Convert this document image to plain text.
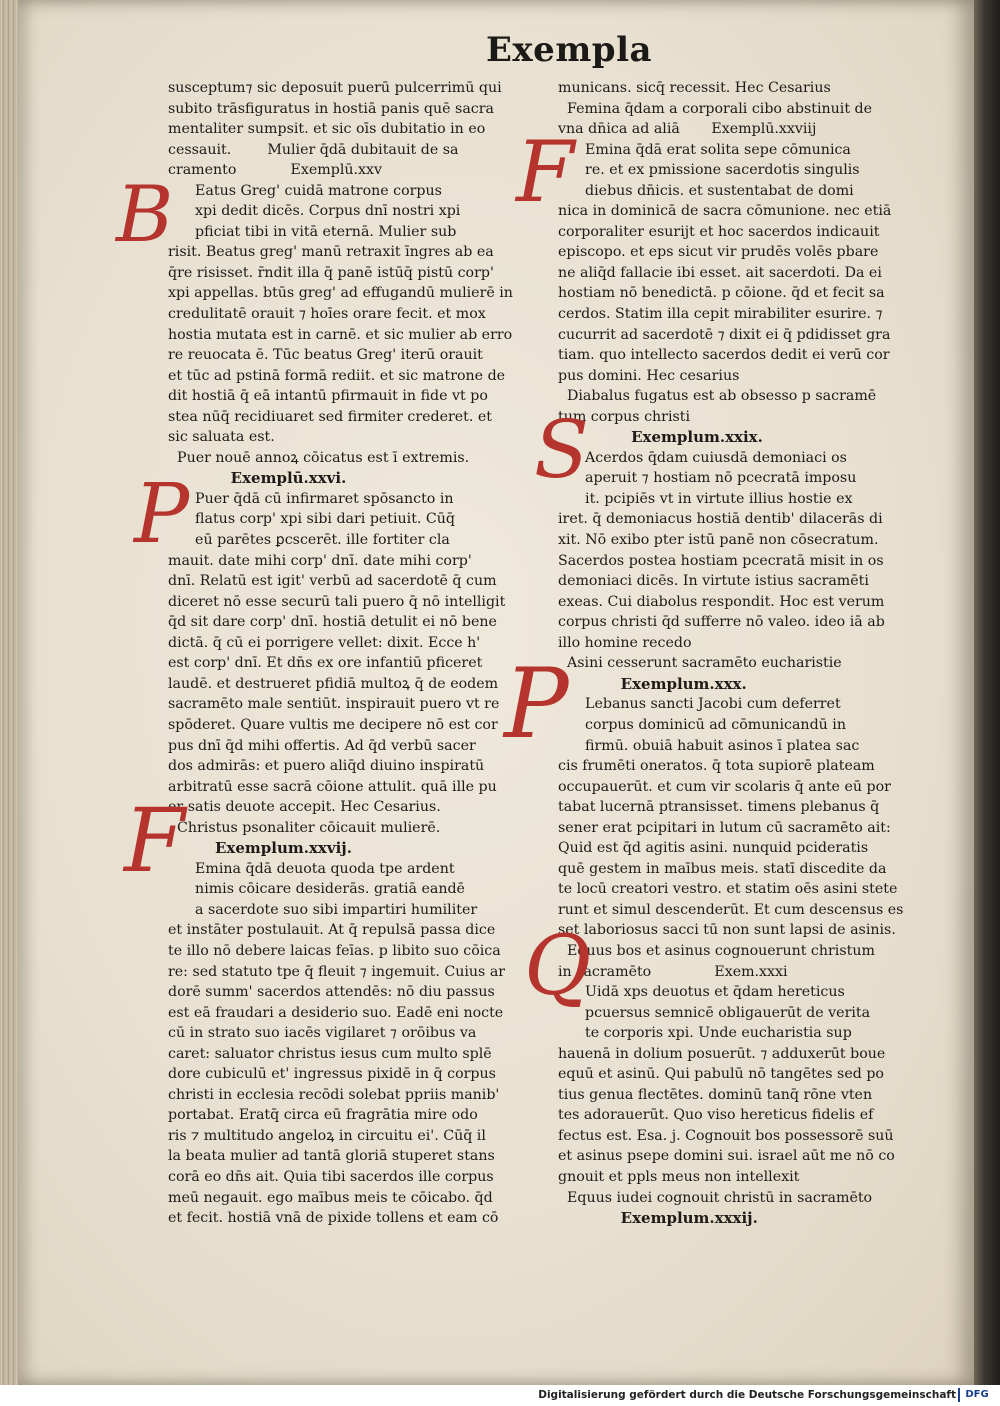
Exempla
susceptum⁊ sic deposuit puerū pulcerrimū qui
subito trāsfiguratus in hostiā panis quē sacra
mentaliter sumpsit. et sic oīs dubitatio in eo
cessauit.        Mulier q̄dā dubitauit de sa
cramento            Exemplū.xxv
Eatus Greg' cuidā matrone corpus
xpi dedit dicēs. Corpus dnī nostri xpi
pficiat tibi in vitā eternā. Mulier sub
risit. Beatus greg' manū retraxit īngres ab ea
q̄re risisset. r̄ndit illa q̄ panē istūq̄ pistū corp'
xpi appellas. btūs greg' ad effugandū mulierē in
credulitatē orauit ⁊ hoīes orare fecit. et mox
hostia mutata est in carnē. et sic mulier ab erro
re reuocata ē. Tūc beatus Greg' iterū orauit
et tūc ad pstinā formā rediit. et sic matrone de
dit hostiā q̄ eā intantū pfirmauit in fide vt po
stea nūq̄ recidiuaret sed firmiter crederet. et
sic saluata est.
Puer nouē annoꝝ cōicatus est ī extremis.
Exemplū.xxvi.
Puer q̄dā cū infirmaret spōsancto in
flatus corp' xpi sibi dari petiuit. Cūq̄
eū parētes ꝑcscerēt. ille fortiter cla
mauit. date mihi corp' dnī. date mihi corp'
dnī. Relatū est igit' verbū ad sacerdotē q̄ cum
diceret nō esse securū tali puero q̄ nō intelligit
q̄d sit dare corp' dnī. hostiā detulit ei nō bene
dictā. q̄ cū ei porrigere vellet: dixit. Ecce h'
est corp' dnī. Et dn̄s ex ore infantiū pficeret
laudē. et destrueret pfidiā multoꝝ q̄ de eodem
sacramēto male sentiūt. inspirauit puero vt re
spōderet. Quare vultis me decipere nō est cor
pus dnī q̄d mihi offertis. Ad q̄d verbū sacer
dos admirās: et puero aliq̄d diuino inspiratū
arbitratū esse sacrā cōione attulit. quā ille pu
er satis deuote accepit. Hec Cesarius.
Christus psonaliter cōicauit mulierē.
Exemplum.xxvij.
Emina q̄dā deuota quoda tpe ardent
nimis cōicare desiderās. gratiā eandē
a sacerdote suo sibi impartiri humiliter
et instāter postulauit. At q̄ repulsā passa dice
te illo nō debere laicas feīas. p libito suo cōica
re: sed statuto tpe q̄ fleuit ⁊ ingemuit. Cuius ar
dorē summ' sacerdos attendēs: nō diu passus
est eā fraudari a desiderio suo. Eadē eni nocte
cū in strato suo iacēs vigilaret ⁊ orōibus va
caret: saluator christus iesus cum multo splē
dore cubiculū et' ingressus pixidē in q̄ corpus
christi in ecclesia recōdi solebat ppriis manib'
portabat. Eratq̄ circa eū fragrātia mire odo
ris ⁊ multitudo angeloꝝ in circuitu ei'. Cūq̄ il
la beata mulier ad tantā gloriā stuperet stans
corā eo dn̄s ait. Quia tibi sacerdos ille corpus
meū negauit. ego maībus meis te cōicabo. q̄d
et fecit. hostiā vnā de pixide tollens et eam cō
municans. sicq̄ recessit. Hec Cesarius
Femina q̄dam a corporali cibo abstinuit de
vna dn̄ica ad aliā       Exemplū.xxviij
Emina q̄dā erat solita sepe cōmunica
re. et ex pmissione sacerdotis singulis
diebus dn̄icis. et sustentabat de domi
nica in dominicā de sacra cōmunione. nec etiā
corporaliter esurijt et hoc sacerdos indicauit
episcopo. et eps sicut vir prudēs volēs pbare
ne aliq̄d fallacie ibi esset. ait sacerdoti. Da ei
hostiam nō benedictā. p cōione. q̄d et fecit sa
cerdos. Statim illa cepit mirabiliter esurire. ⁊
cucurrit ad sacerdotē ⁊ dixit ei q̄ pdidisset gra
tiam. quo intellecto sacerdos dedit ei verū cor
pus domini. Hec cesarius
Diabalus fugatus est ab obsesso p sacramē
tum corpus christi
Exemplum.xxix.
Acerdos q̄dam cuiusdā demoniaci os
aperuit ⁊ hostiam nō pcecratā imposu
it. pcipiēs vt in virtute illius hostie ex
iret. q̄ demoniacus hostiā dentib' dilacerās di
xit. Nō exibo pter istū panē non cōsecratum.
Sacerdos postea hostiam pcecratā misit in os
demoniaci dicēs. In virtute istius sacramēti
exeas. Cui diabolus respondit. Hoc est verum
corpus christi q̄d sufferre nō valeo. ideo iā ab
illo homine recedo
Asini cesserunt sacramēto eucharistie
Exemplum.xxx.
Lebanus sancti Jacobi cum deferret
corpus dominicū ad cōmunicandū in
firmū. obuiā habuit asinos ī platea sac
cis frumēti oneratos. q̄ tota supiorē plateam
occupauerūt. et cum vir scolaris q̄ ante eū por
tabat lucernā ptransisset. timens plebanus q̄
sener erat pcipitari in lutum cū sacramēto ait:
Quid est q̄d agitis asini. nunquid pcideratis
quē gestem in maībus meis. statī discedite da
te locū creatori vestro. et statim oēs asini stete
runt et simul descenderūt. Et cum descensus es
set laboriosus sacci tū non sunt lapsi de asinis.
Equus bos et asinus cognouerunt christum
in sacramēto              Exem.xxxi
Uidā xps deuotus et q̄dam hereticus
pcuersus semnicē obligauerūt de verita
te corporis xpi. Unde eucharistia sup
hauenā in dolium posuerūt. ⁊ adduxerūt boue
equū et asinū. Qui pabulū nō tangētes sed po
tius genua flectētes. dominū tanq̄ rōne vten
tes adorauerūt. Quo viso hereticus fidelis ef
fectus est. Esa. j. Cognouit bos possessorē suū
et asinus psepe domini sui. israel aūt me nō co
gnouit et ppls meus non intellexit
Equus iudei cognouit christū in sacramēto
Exemplum.xxxij.
B
P
F
F
S
P
Q
Digitalisierung gefördert durch die Deutsche Forschungsgemeinschaft DFG
